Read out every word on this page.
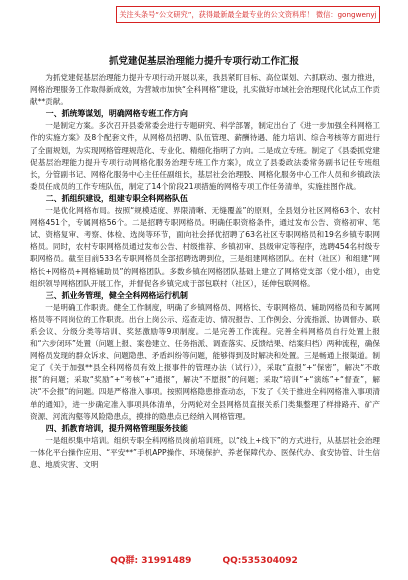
关注头条号“公文研究”，获得最新最全最专业的公文资料库！ 微信：gongwenyj
抓党建促基层治理能力提升专项行动工作汇报

为抓党建促基层治理能力提升专项行动开展以来，我县紧盯目标、高位谋划、六抓联动、强力推进，网格治理服务工作取得新成效，为营城市加快“全科网格”建设，扎实做好市域社会治理现代化试点工作贡献**贡献。

一、抓统筹谋划，明确网格专班工作方向

一是制定方案。多次召开县委常委会进行专题研究、科学部署，制定出台了《进一步加强全科网格工作的实施方案》及8个配套文件，从网格员招聘、队伍管理、薪酬待遇、能力培训、综合考核等方面进行了全面规划，为实现网格管理规范化、专业化、精细化指明了方向。二是成立专班。制定了《县委抓党建促基层治理能力提升专项行动网格化服务治理专班工作方案》，成立了县委政法委常务副书记任专班组长，分管副书记、网格化服务中心主任任副组长，基层社会治理股、网格化服务中心工作人员和乡镇政法委员任成员的工作专班队伍，制定了14个阶段21项措施的网格专项工作任务清单，实施挂图作战。

二、抓组织建设，组建专职全科网格队伍

一是优化网格布局。按照“规模适度、界限清晰、无缝覆盖”的原则，全县划分社区网格63个、农村网格451个，专属网格56个。二是招聘专职网格员。明确任职资格条件，通过发布公告、资格初审、笔试、资格复审、考察、体检、选岗等环节，面向社会择优招聘了63名社区专职网格员和19名乡镇专职网格员。同时，农村专职网格员通过发布公告、村级推荐、乡镇初审、县级审定等程序，选聘454名村级专职网格员。截至目前533名专职网格员全部招聘选聘到位，三是组建网格团队。在村（社区）和组建“网格长+网格员+网格辅助员”的网格团队。多数乡镇在网格团队基础上建立了网格党支部（党小组），由党组织领导网格团队开展工作，并督促各乡镇完成于部包联村（社区），延伸包联网格。

三、抓业务管理，健全全科网格运行机制

一是明确工作职责。健全工作制度，明确了乡镇网格员、网格长、专职网格员、辅助网格员和专属网格员等不同岗位的工作职责。出台上岗公示、巡查走访、情况报告、工作例会、分流指派、协调督办、联系会议、分级分类等培训、奖惩激励等9项制度。二是完善工作流程。完善全科网格员自行处置上报和“六步闭环”处置（问题上报、案卷建立、任务指派、调查落实、反馈结果、结案归档）两种流程，确保网格员发现的群众诉求、问题隐患、矛盾纠纷等问题，能够得到及时解决和处置。三是畅通上报渠道。制定了《关于加强**县全科网格员有效上报事件的管理办法（试行）》，采取“直报”+“保密”，解决“不敢报”的问题；采取“奖励”+“考核”+“通报”，解决“不愿报”的问题；采取“培训”+“演练”+“督查”，解决“不会报”的问题。四是严格准入事项。按照网格隐患排查动态，下发了《关于推进全科网格准入事项清单的通知》，进一步确定准入事项具体清单，分两轮对全县网格员直报关系门类集整理了样排路卉、矿产资源、河流沟壑等风险隐患点，摸排的隐患点已经纳入网格管理。

四、抓教育培训，提升网格管理服务技能

一是组织集中培训。组织专职全科网格员岗前培训班，以“线上+线下”的方式进行，从基层社会治理一体化平台操作应用、“平安**”手机APP操作、环境保护、养老保障代办、医保代办、食安协管、计生信息、地质灾害、文明

QQ群: 31991489	QQ:535304092
